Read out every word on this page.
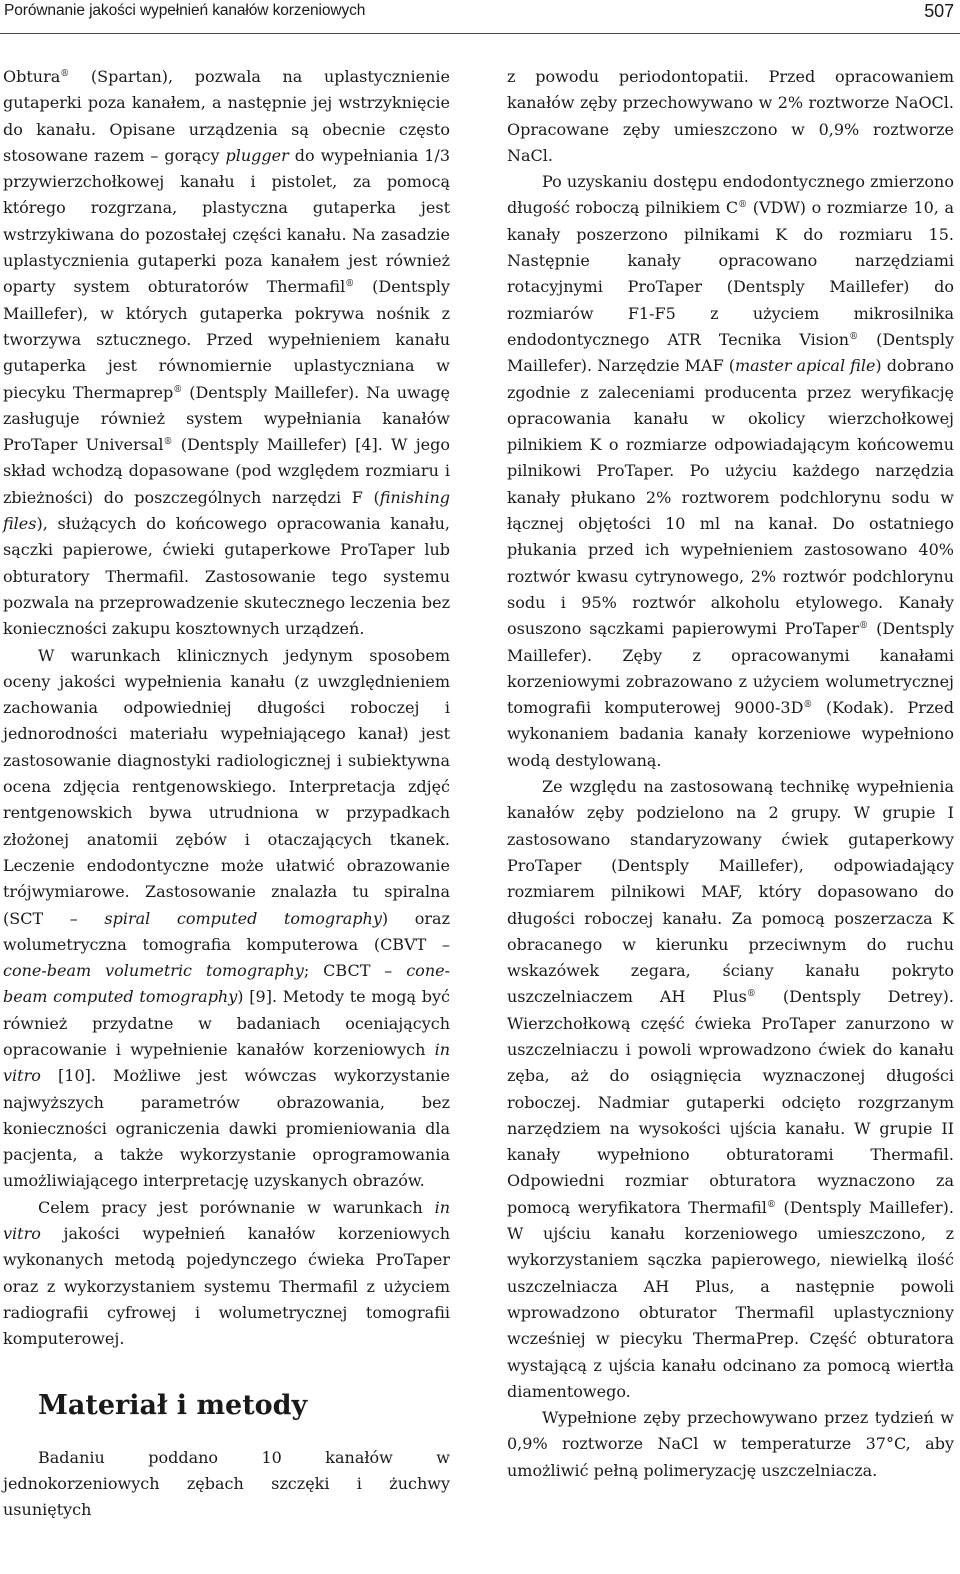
Porównanie jakości wypełnień kanałów korzeniowych	507

Obtura® (Spartan), pozwala na uplastycznienie gutaperki poza kanałem, a następnie jej wstrzyknięcie do kanału. Opisane urządzenia są obecnie często stosowane razem – gorący plugger do wypełniania 1/3 przywierzchołkowej kanału i pistolet, za pomocą którego rozgrzana, plastyczna gutaperka jest wstrzykiwana do pozostałej części kanału. Na zasadzie uplastycznienia gutaperki poza kanałem jest również oparty system obturatorów Thermafil® (Dentsply Maillefer), w których gutaperka pokrywa nośnik z tworzywa sztucznego. Przed wypełnieniem kanału gutaperka jest równomiernie uplastyczniana w piecyku Thermaprep® (Dentsply Maillefer). Na uwagę zasługuje również system wypełniania kanałów ProTaper Universal® (Dentsply Maillefer) [4]. W jego skład wchodzą dopasowane (pod względem rozmiaru i zbieżności) do poszczególnych narzędzi F (finishing files), służących do końcowego opracowania kanału, sączki papierowe, ćwieki gutaperkowe ProTaper lub obturatory Thermafil. Zastosowanie tego systemu pozwala na przeprowadzenie skutecznego leczenia bez konieczności zakupu kosztownych urządzeń.

W warunkach klinicznych jedynym sposobem oceny jakości wypełnienia kanału (z uwzględnieniem zachowania odpowiedniej długości roboczej i jednorodności materiału wypełniającego kanał) jest zastosowanie diagnostyki radiologicznej i subiektywna ocena zdjęcia rentgenowskiego. Interpretacja zdjęć rentgenowskich bywa utrudniona w przypadkach złożonej anatomii zębów i otaczających tkanek. Leczenie endodontyczne może ułatwić obrazowanie trójwymiarowe. Zastosowanie znalazła tu spiralna (SCT – spiral computed tomography) oraz wolumetryczna tomografia komputerowa (CBVT – cone-beam volumetric tomography; CBCT – cone-beam computed tomography) [9]. Metody te mogą być również przydatne w badaniach oceniających opracowanie i wypełnienie kanałów korzeniowych in vitro [10]. Możliwe jest wówczas wykorzystanie najwyższych parametrów obrazowania, bez konieczności ograniczenia dawki promieniowania dla pacjenta, a także wykorzystanie oprogramowania umożliwiającego interpretację uzyskanych obrazów.

Celem pracy jest porównanie w warunkach in vitro jakości wypełnień kanałów korzeniowych wykonanych metodą pojedynczego ćwieka ProTaper oraz z wykorzystaniem systemu Thermafil z użyciem radiografii cyfrowej i wolumetrycznej tomografii komputerowej.

Materiał i metody

Badaniu poddano 10 kanałów w jednokorzeniowych zębach szczęki i żuchwy usuniętych

z powodu periodontopatii. Przed opracowaniem kanałów zęby przechowywano w 2% roztworze NaOCl. Opracowane zęby umieszczono w 0,9% roztworze NaCl.

Po uzyskaniu dostępu endodontycznego zmierzono długość roboczą pilnikiem C® (VDW) o rozmiarze 10, a kanały poszerzono pilnikami K do rozmiaru 15. Następnie kanały opracowano narzędziami rotacyjnymi ProTaper (Dentsply Maillefer) do rozmiarów F1-F5 z użyciem mikrosilnika endodontycznego ATR Tecnika Vision® (Dentsply Maillefer). Narzędzie MAF (master apical file) dobrano zgodnie z zaleceniami producenta przez weryfikację opracowania kanału w okolicy wierzchołkowej pilnikiem K o rozmiarze odpowiadającym końcowemu pilnikowi ProTaper. Po użyciu każdego narzędzia kanały płukano 2% roztworem podchlorynu sodu w łącznej objętości 10 ml na kanał. Do ostatniego płukania przed ich wypełnieniem zastosowano 40% roztwór kwasu cytrynowego, 2% roztwór podchlorynu sodu i 95% roztwór alkoholu etylowego. Kanały osuszono sączkami papierowymi ProTaper® (Dentsply Maillefer). Zęby z opracowanymi kanałami korzeniowymi zobrazowano z użyciem wolumetrycznej tomografii komputerowej 9000-3D® (Kodak). Przed wykonaniem badania kanały korzeniowe wypełniono wodą destylowaną.

Ze względu na zastosowaną technikę wypełnienia kanałów zęby podzielono na 2 grupy. W grupie I zastosowano standaryzowany ćwiek gutaperkowy ProTaper (Dentsply Maillefer), odpowiadający rozmiarem pilnikowi MAF, który dopasowano do długości roboczej kanału. Za pomocą poszerzacza K obracanego w kierunku przeciwnym do ruchu wskazówek zegara, ściany kanału pokryto uszczelniaczem AH Plus® (Dentsply Detrey). Wierzchołkową część ćwieka ProTaper zanurzono w uszczelniaczu i powoli wprowadzono ćwiek do kanału zęba, aż do osiągnięcia wyznaczonej długości roboczej. Nadmiar gutaperki odcięto rozgrzanym narzędziem na wysokości ujścia kanału. W grupie II kanały wypełniono obturatorami Thermafil. Odpowiedni rozmiar obturatora wyznaczono za pomocą weryfikatora Thermafil® (Dentsply Maillefer). W ujściu kanału korzeniowego umieszczono, z wykorzystaniem sączka papierowego, niewielką ilość uszczelniacza AH Plus, a następnie powoli wprowadzono obturator Thermafil uplastyczniony wcześniej w piecyku ThermaPrep. Część obturatora wystającą z ujścia kanału odcinano za pomocą wiertła diamentowego.

Wypełnione zęby przechowywano przez tydzień w 0,9% roztworze NaCl w temperaturze 37°C, aby umożliwić pełną polimeryzację uszczelniacza.
